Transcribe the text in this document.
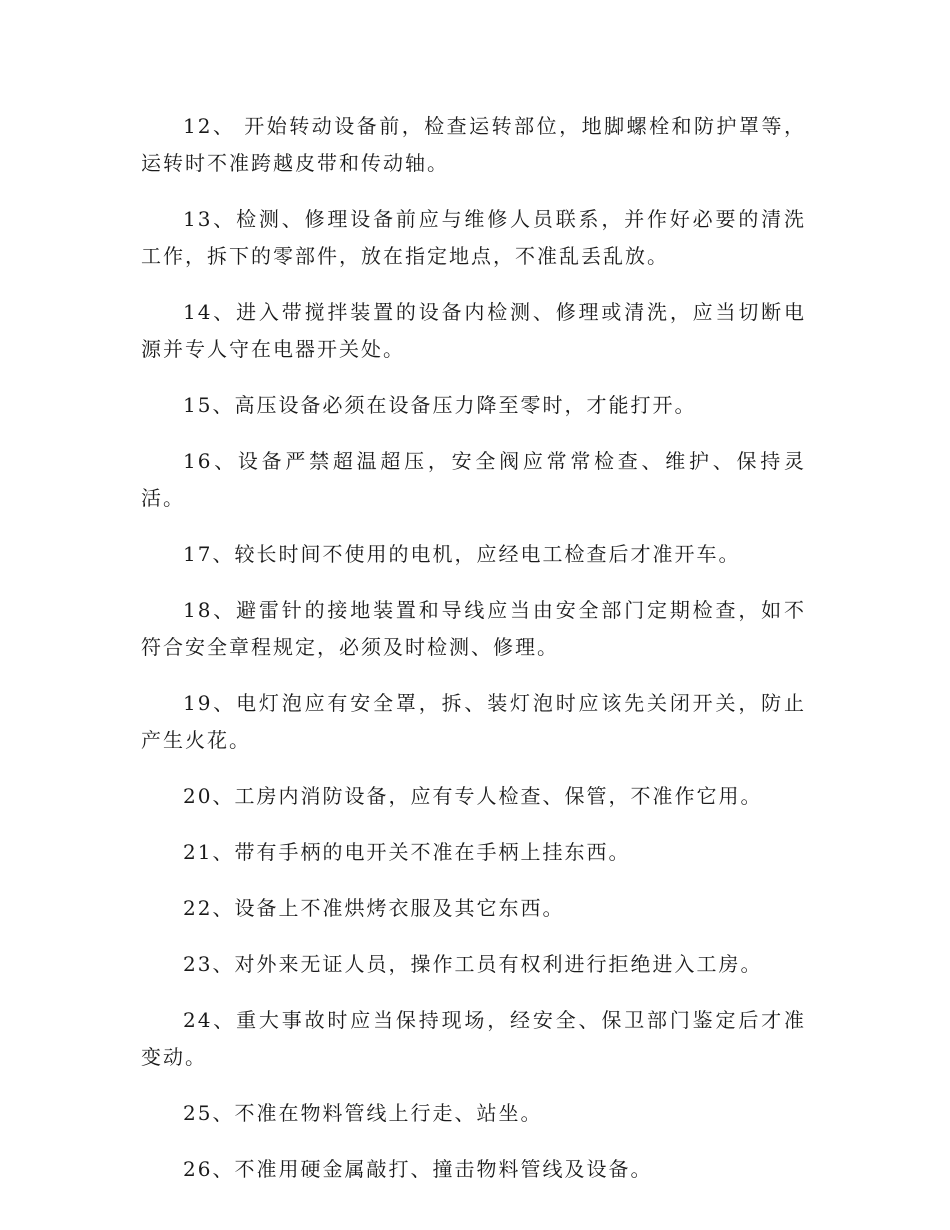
12、 开始转动设备前，检查运转部位，地脚螺栓和防护罩等，运转时不准跨越皮带和传动轴。

13、检测、修理设备前应与维修人员联系，并作好必要的清洗工作，拆下的零部件，放在指定地点，不准乱丢乱放。

14、进入带搅拌装置的设备内检测、修理或清洗，应当切断电源并专人守在电器开关处。

15、高压设备必须在设备压力降至零时，才能打开。

16、设备严禁超温超压，安全阀应常常检查、维护、保持灵活。

17、较长时间不使用的电机，应经电工检查后才准开车。

18、避雷针的接地装置和导线应当由安全部门定期检查，如不符合安全章程规定，必须及时检测、修理。

19、电灯泡应有安全罩，拆、装灯泡时应该先关闭开关，防止产生火花。

20、工房内消防设备，应有专人检查、保管，不准作它用。

21、带有手柄的电开关不准在手柄上挂东西。

22、设备上不准烘烤衣服及其它东西。

23、对外来无证人员，操作工员有权利进行拒绝进入工房。

24、重大事故时应当保持现场，经安全、保卫部门鉴定后才准变动。

25、不准在物料管线上行走、站坐。

26、不准用硬金属敲打、撞击物料管线及设备。
